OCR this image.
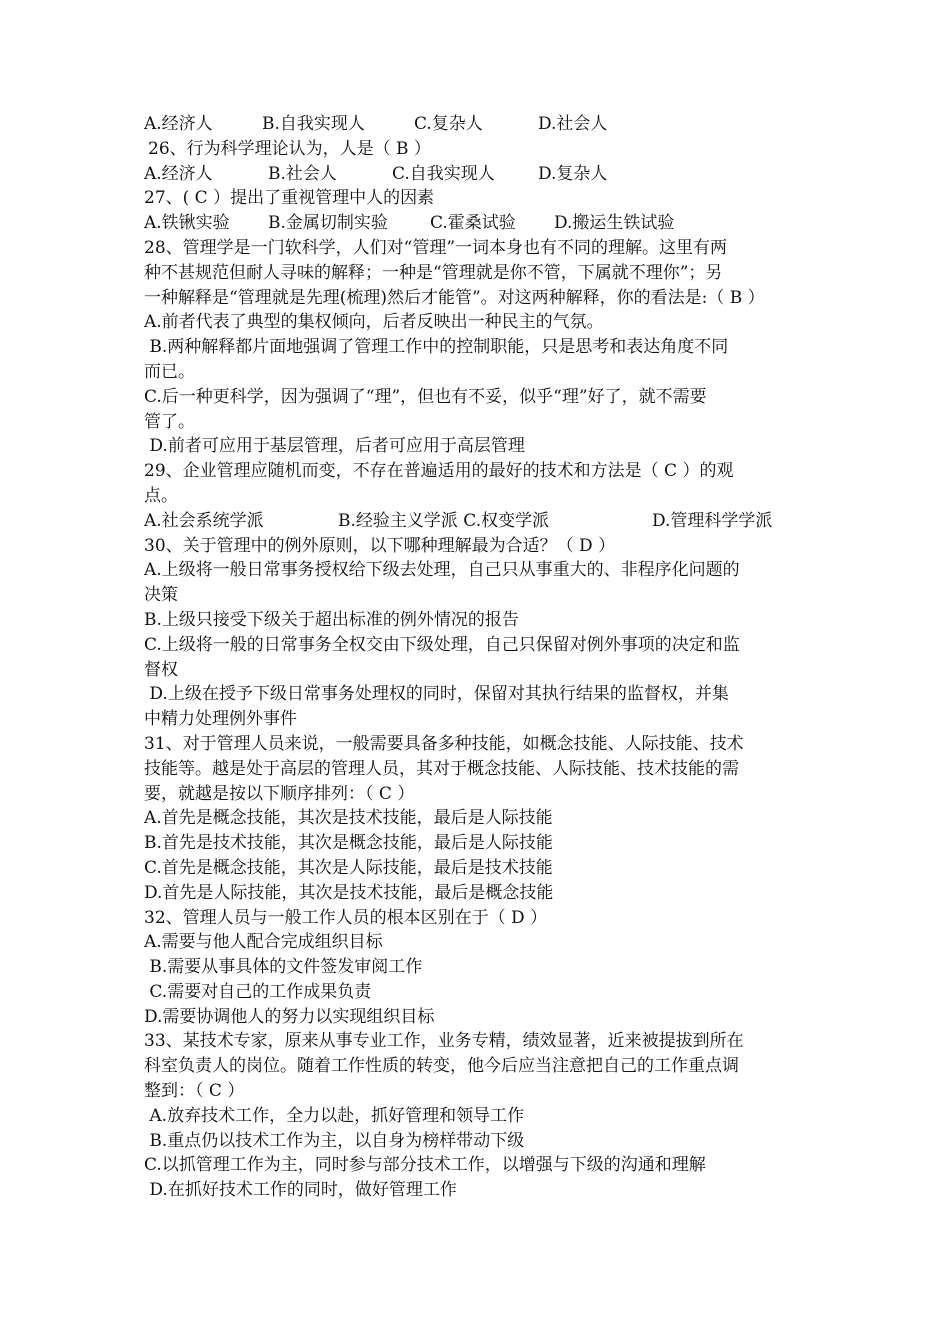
A.经济人	B.自我实现人	C.复杂人	D.社会人
26、行为科学理论认为，人是（ B ）
A.经济人	B.社会人	C.自我实现人	D.复杂人
27、( C ）提出了重视管理中人的因素
A.铁锹实验	B.金属切制实验	C.霍桑试验	D.搬运生铁试验
28、管理学是一门软科学，人们对“管理”一词本身也有不同的理解。这里有两
种不甚规范但耐人寻味的解释；一种是“管理就是你不管，下属就不理你”；另
一种解释是“管理就是先理(梳理)然后才能管”。对这两种解释，你的看法是:（ B ）
A.前者代表了典型的集权倾向，后者反映出一种民主的气氛。
B.两种解释都片面地强调了管理工作中的控制职能，只是思考和表达角度不同
而已。
C.后一种更科学，因为强调了“理”，但也有不妥，似乎“理”好了，就不需要
管了。
D.前者可应用于基层管理，后者可应用于高层管理
29、企业管理应随机而变，不存在普遍适用的最好的技术和方法是（ C ）的观
点。
A.社会系统学派	B.经验主义学派 C.权变学派	D.管理科学学派
30、关于管理中的例外原则，以下哪种理解最为合适？（ D ）
A.上级将一般日常事务授权给下级去处理，自己只从事重大的、非程序化问题的
决策
B.上级只接受下级关于超出标准的例外情况的报告
C.上级将一般的日常事务全权交由下级处理，自己只保留对例外事项的决定和监
督权
D.上级在授予下级日常事务处理权的同时，保留对其执行结果的监督权，并集
中精力处理例外事件
31、对于管理人员来说，一般需要具备多种技能，如概念技能、人际技能、技术
技能等。越是处于高层的管理人员，其对于概念技能、人际技能、技术技能的需
要，就越是按以下顺序排列：（ C ）
A.首先是概念技能，其次是技术技能，最后是人际技能
B.首先是技术技能，其次是概念技能，最后是人际技能
C.首先是概念技能，其次是人际技能，最后是技术技能
D.首先是人际技能，其次是技术技能，最后是概念技能
32、管理人员与一般工作人员的根本区别在于（ D ）
A.需要与他人配合完成组织目标
B.需要从事具体的文件签发审阅工作
C.需要对自己的工作成果负责
D.需要协调他人的努力以实现组织目标
33、某技术专家，原来从事专业工作，业务专精，绩效显著，近来被提拔到所在
科室负责人的岗位。随着工作性质的转变，他今后应当注意把自己的工作重点调
整到：（ C ）
A.放弃技术工作，全力以赴，抓好管理和领导工作
B.重点仍以技术工作为主，以自身为榜样带动下级
C.以抓管理工作为主，同时参与部分技术工作，以增强与下级的沟通和理解
D.在抓好技术工作的同时，做好管理工作
